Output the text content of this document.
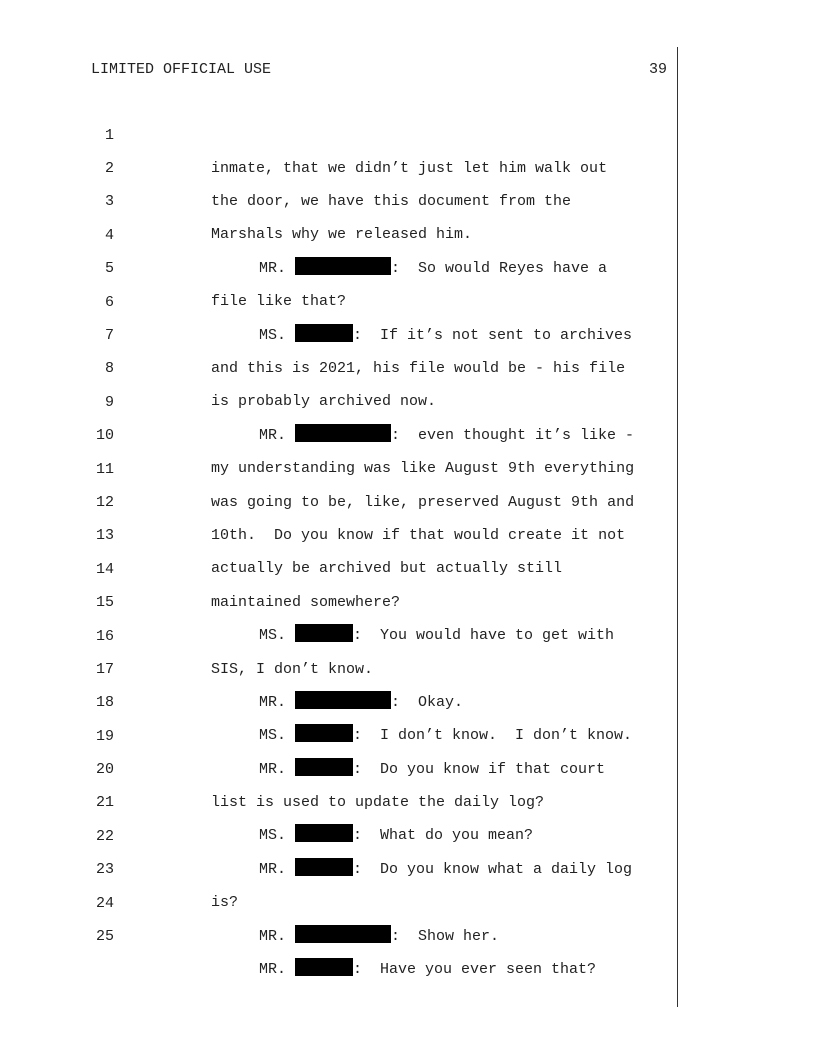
LIMITED OFFICIAL USE	39

1

inmate, that we didn’t just let him walk out

2

the door, we have this document from the

3

Marshals why we released him.

4

MR.	:  So would Reyes have a

5

file like that?

6

MS.	:  If it’s not sent to archives

7

and this is 2021, his file would be - his file

8

is probably archived now.

9

MR.	:  even thought it’s like -

10

my understanding was like August 9th everything

11

was going to be, like, preserved August 9th and

12

10th.  Do you know if that would create it not

13

actually be archived but actually still

14

maintained somewhere?

15

MS.	:  You would have to get with

16

SIS, I don’t know.

17

MR.	:  Okay.

18

MS.	:  I don’t know.  I don’t know.

19

MR.	:  Do you know if that court

20

list is used to update the daily log?

21

MS.	:  What do you mean?

22

MR.	:  Do you know what a daily log

23

is?

24

MR.	:  Show her.

25

MR.	:  Have you ever seen that?
